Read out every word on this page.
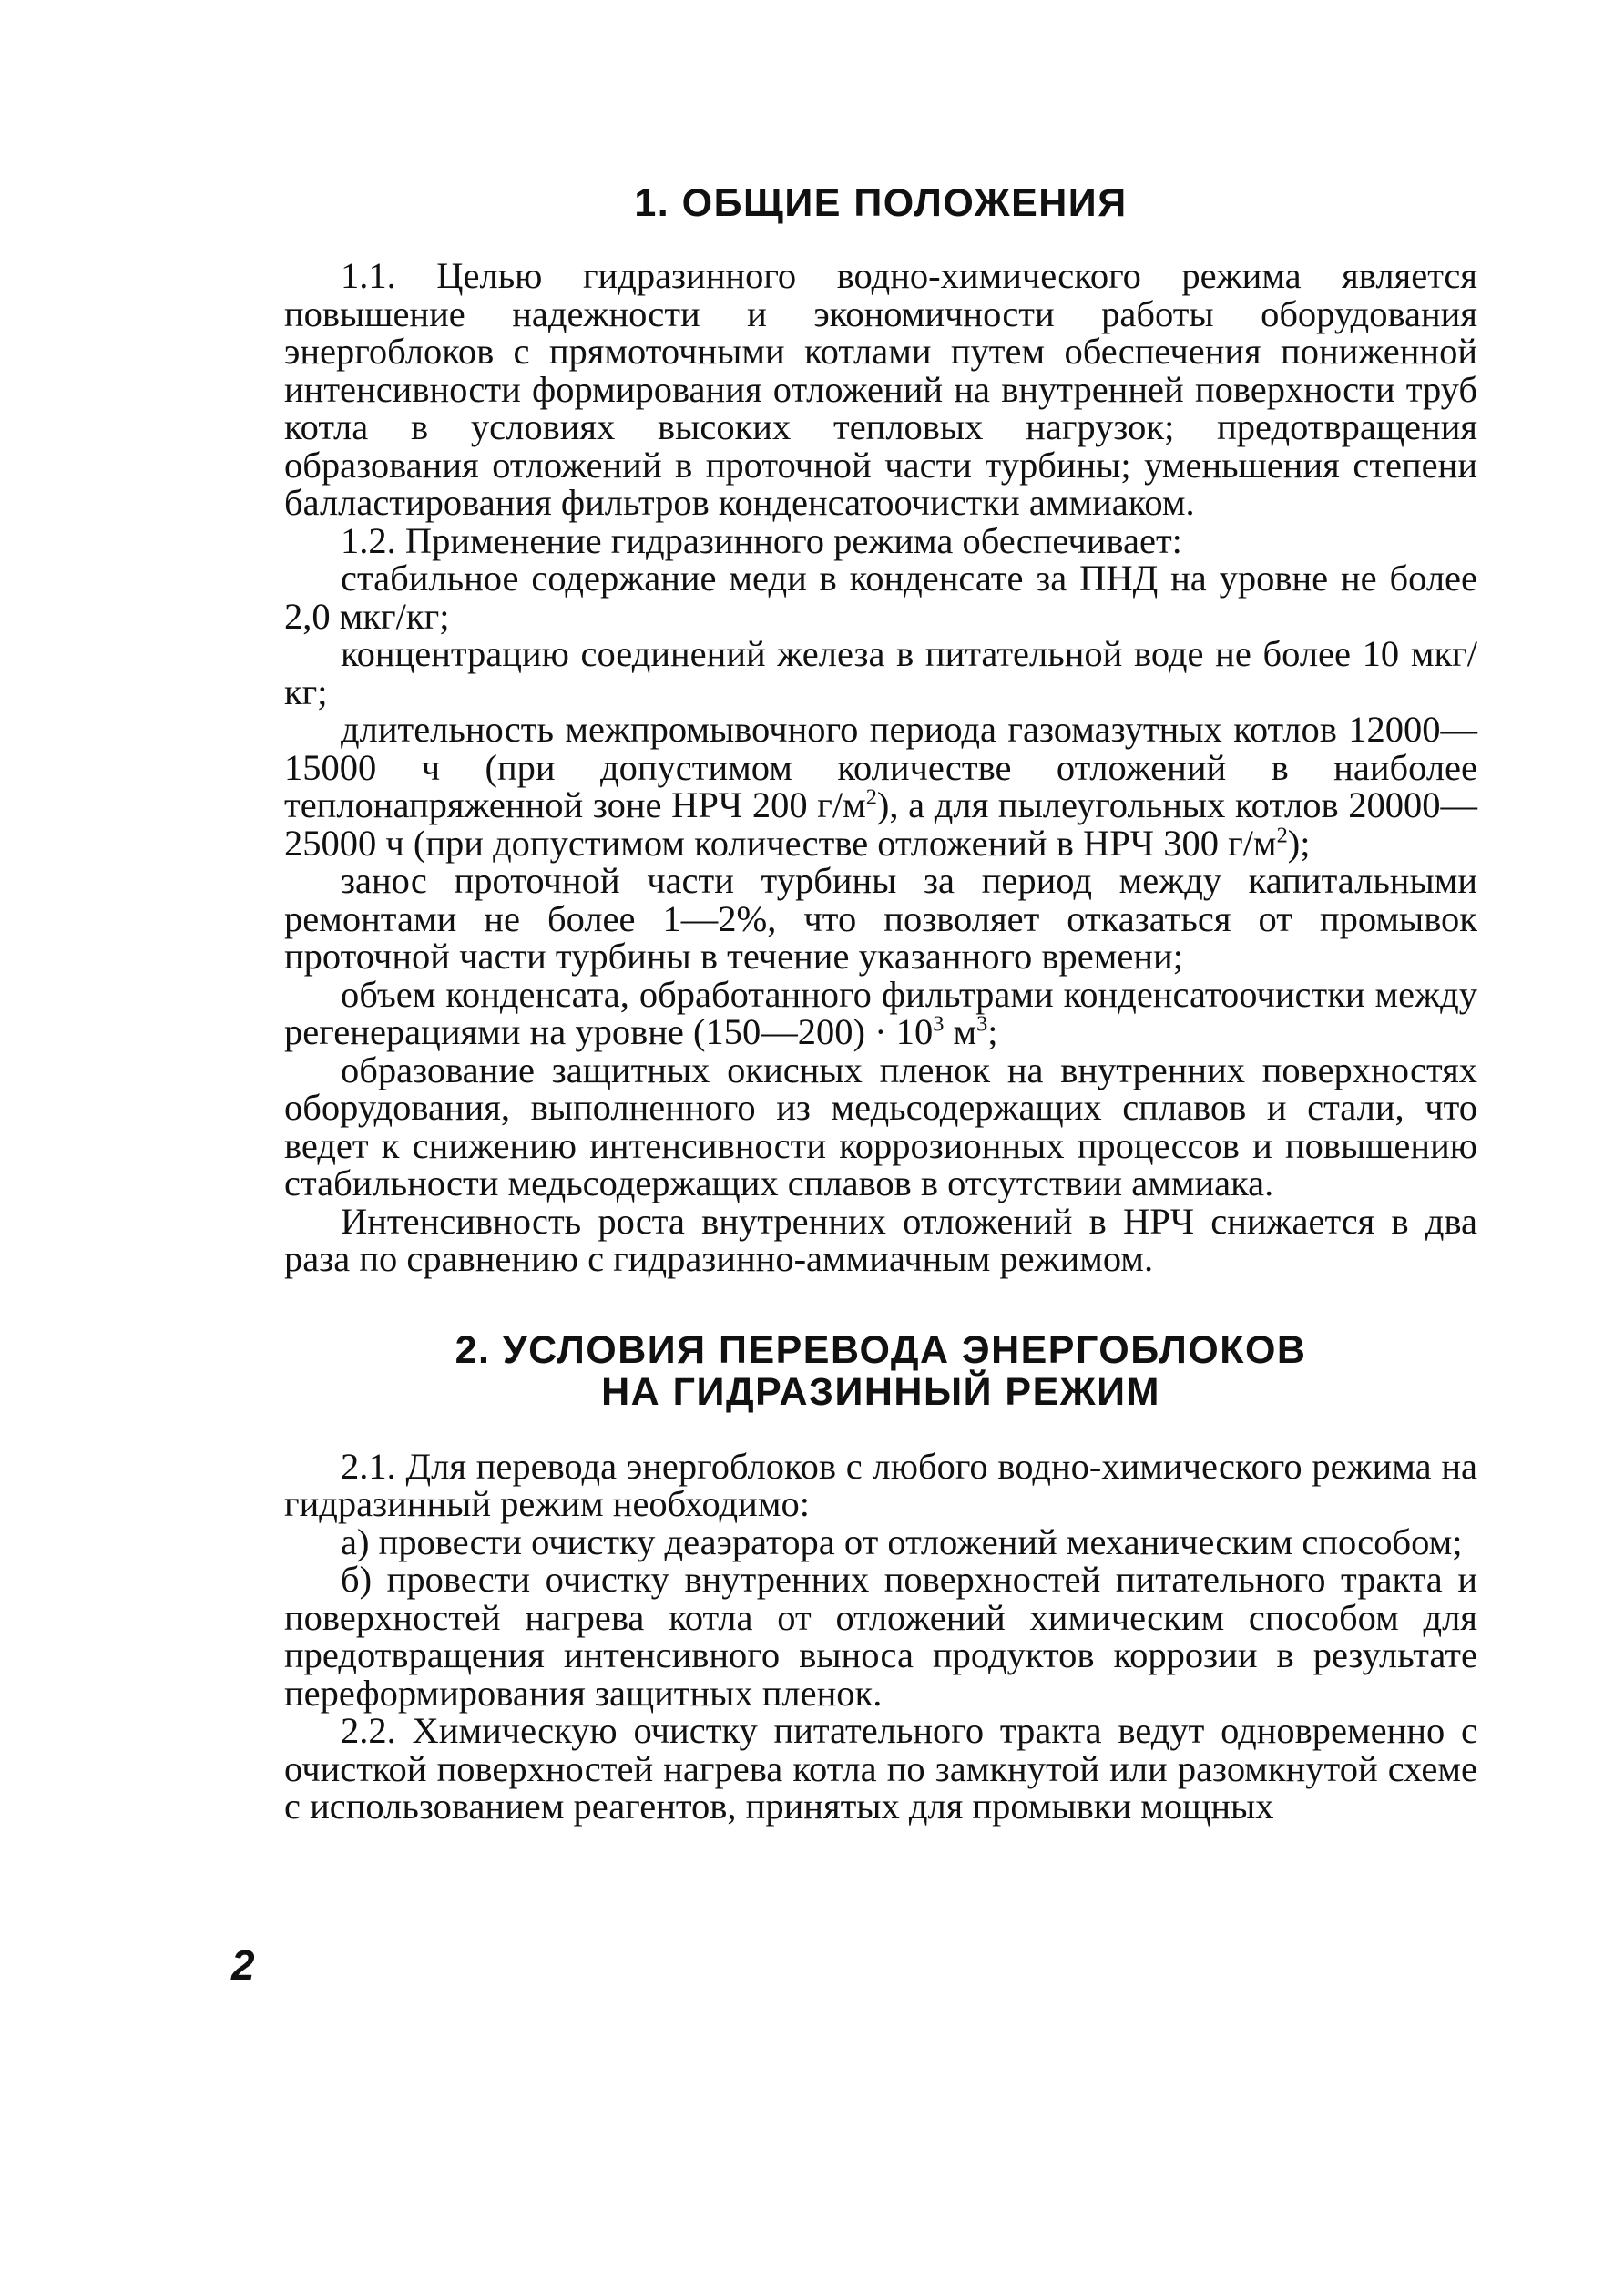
1. ОБЩИЕ ПОЛОЖЕНИЯ

1.1. Целью гидразинного водно-химического режима является повышение надежности и экономичности работы оборудования энергоблоков с прямоточными котлами путем обеспечения пониженной интенсивности формирования отложений на внутренней поверхности труб котла в условиях высоких тепловых нагрузок; предотвращения образования отложений в проточной части турбины; уменьшения степени балластирования фильтров конденсатоочистки аммиаком.

1.2. Применение гидразинного режима обеспечивает:

стабильное содержание меди в конденсате за ПНД на уровне не более 2,0 мкг/кг;

концентрацию соединений железа в питательной воде не более 10 мкг/кг;

длительность межпромывочного периода газомазутных котлов 12000—15000 ч (при допустимом количестве отложений в наиболее теплонапряженной зоне НРЧ 200 $г/м^2$), а для пылеугольных котлов 20000—25000 ч (при допустимом количестве отложений в НРЧ 300 $г/м^2$);

занос проточной части турбины за период между капитальными ремонтами не более 1—2%, что позволяет отказаться от промывок проточной части турбины в течение указанного времени;

объем конденсата, обработанного фильтрами конденсатоочистки между регенерациями на уровне (150—200) · $10^3$ $м^3$;

образование защитных окисных пленок на внутренних поверхностях оборудования, выполненного из медьсодержащих сплавов и стали, что ведет к снижению интенсивности коррозионных процессов и повышению стабильности медьсодержащих сплавов в отсутствии аммиака.

Интенсивность роста внутренних отложений в НРЧ снижается в два раза по сравнению с гидразинно-аммиачным режимом.

2. УСЛОВИЯ ПЕРЕВОДА ЭНЕРГОБЛОКОВ
НА ГИДРАЗИННЫЙ РЕЖИМ

2.1. Для перевода энергоблоков с любого водно-химического режима на гидразинный режим необходимо:

а) провести очистку деаэратора от отложений механическим способом;

б) провести очистку внутренних поверхностей питательного тракта и поверхностей нагрева котла от отложений химическим способом для предотвращения интенсивного выноса продуктов коррозии в результате переформирования защитных пленок.

2.2. Химическую очистку питательного тракта ведут одновременно с очисткой поверхностей нагрева котла по замкнутой или разомкнутой схеме с использованием реагентов, принятых для промывки мощных

2
